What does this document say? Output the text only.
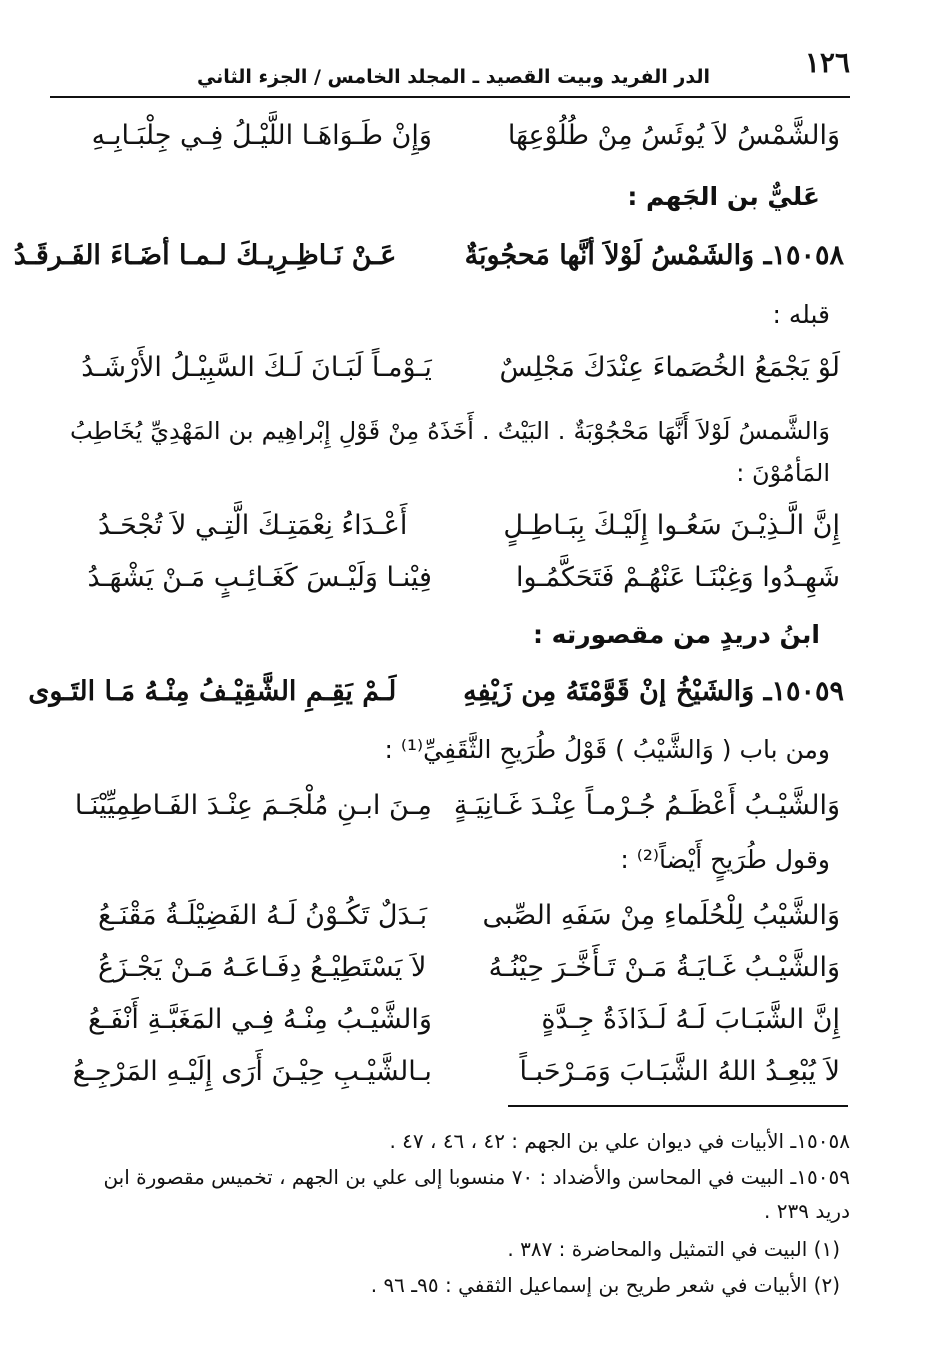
١٢٦
الدر الفريد وبيت القصيد ـ المجلد الخامس / الجزء الثاني
وَالشَّمْسُ لاَ يُوئَسُ مِنْ طُلُوْعِهَا
وَإِنْ طَـوَاهَـا اللَّيْـلُ فِـي جِلْبَـابِـهِ
عَليٌّ بن الجَهم :
١٥٠٥٨ـ وَالشَمْسُ لَوْلاَ أنَّها مَحجُوبَةٌ
عَـنْ نَـاظِـرِيـكَ لـمـا أضَـاءَ الفَـرقَـدُ
قبله :
لَوْ يَجْمَعُ الخُصَماءَ عِنْدَكَ مَجْلِسٌ
يَـوْمـاً لَبَـانَ لَـكَ السَّبِيْـلُ الأَرْشَـدُ
وَالشَّمسُ لَوْلاَ أَنَّهَا مَحْجُوْبَةٌ . البَيْتُ . أَخَذَهُ مِنْ قَوْلِ إِبْراهِيم بن المَهْدِيِّ يُخَاطِبُ المَأمُوْنَ :
إِنَّ الَّـذِيْـنَ سَعُـوا إِلَيْـكَ بِبَـاطِـلٍ
أَعْـدَاءُ نِعْمَتِـكَ الَّتِـي لاَ تُجْحَـدُ
شَهِـدُوا وَغِبْنَـا عَنْهُـمْ فَتَحَكَّمُـوا
فِيْنـا وَلَيْـسَ كَغَـائِـبٍ مَـنْ يَشْهَـدُ
ابنُ دريدٍ من مقصورته :
١٥٠٥٩ـ وَالشَيْخُ إنْ قَوَّمْتَهُ مِن زَيْفِهِ
لَـمْ يَقِـمِ الشَّقِيْـفُ مِنْـهُ مَـا التَـوى
ومن باب ( وَالشَّيْبُ ) قَوْلُ طُرَيحِ الثَّقَفِيِّ⁽¹⁾ :
وَالشَّيْـبُ أَعْظَـمُ جُـرْمـاً عِنْـدَ غَـانِيَـةٍ
مِـنَ ابـنِ مُلْجَـمَ عِنْـدَ الفَـاطِمِيِّيْنَـا
وقول طُرَيحٍ أَيْضاً⁽²⁾ :
وَالشَّيْبُ لِلْحُلَماءِ مِنْ سَفَهِ الصِّبى
بَـدَلٌ تَكُـوْنُ لَـهُ الفَضِيْلَـةُ مَقْنَـعُ
وَالشَّيْـبُ غَـايَـةُ مَـنْ تَـأَخَّـرَ حِيْنُـهُ
لاَ يَسْتَطِيْـعُ دِفَـاعَـهُ مَـنْ يَجْـزَعُ
إِنَّ الشَّبَـابَ لَـهُ لَـذَاذَةُ جِـدَّةٍ
وَالشَّيْـبُ مِنْـهُ فِـي المَغَبَّـةِ أَنْفَـعُ
لاَ يُبْعِـدُ اللهُ الشَّبَـابَ وَمَـرْحَبـاً
بـالشَّيْـبِ حِيْـنَ أَرَى إِلَيْـهِ المَرْجِـعُ
١٥٠٥٨ـ الأبيات في ديوان علي بن الجهم : ٤٢ ، ٤٦ ، ٤٧ .
١٥٠٥٩ـ البيت في المحاسن والأضداد : ٧٠ منسوبا إلى علي بن الجهم ، تخميس مقصورة ابن دريد ٢٣٩ .
(١) البيت في التمثيل والمحاضرة : ٣٨٧ .
(٢) الأبيات في شعر طريح بن إسماعيل الثقفي : ٩٥ـ ٩٦ .
